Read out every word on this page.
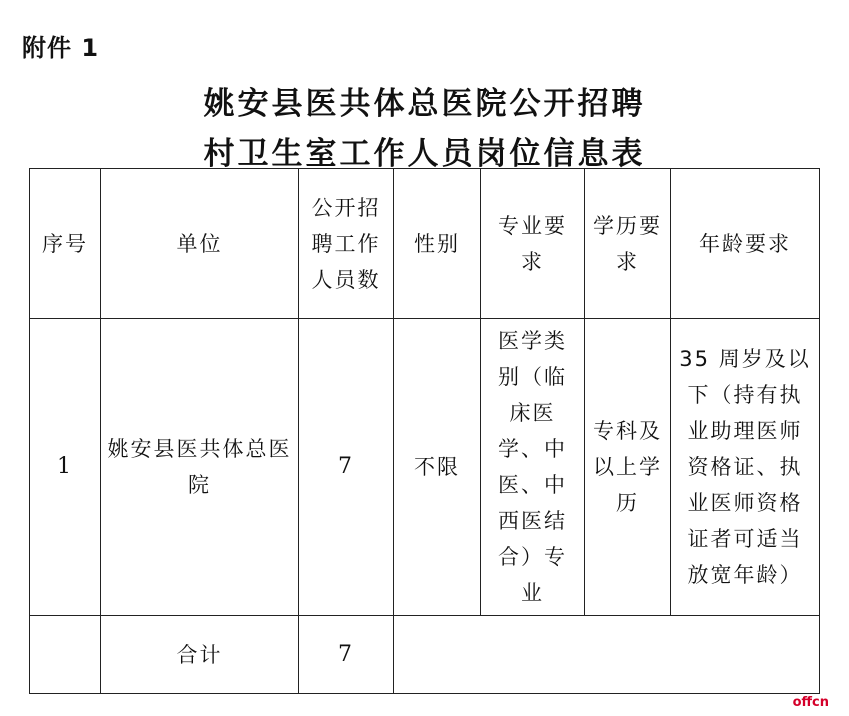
附件 1
姚安县医共体总医院公开招聘
村卫生室工作人员岗位信息表
序号	单位	公开招聘工作人员数	性别	专业要求	学历要求	年龄要求
1	姚安县医共体总医院	7	不限	医学类别（临床医学、中医、中西医结合）专业	专科及以上学历	35 周岁及以下（持有执业助理医师资格证、执业医师资格证者可适当放宽年龄）
	合计	7				
offcn
